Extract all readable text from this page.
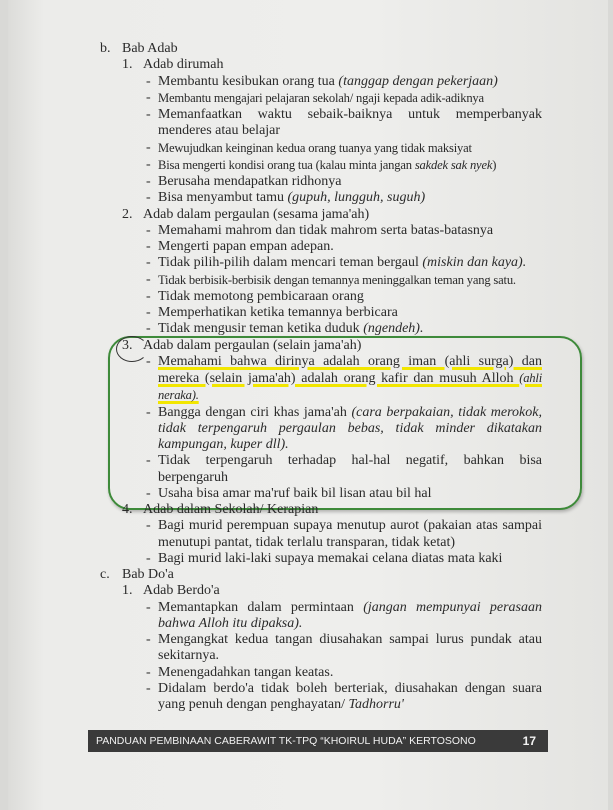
b. Bab Adab
1. Adab dirumah
- Membantu kesibukan orang tua (tanggap dengan pekerjaan)
- Membantu mengajari pelajaran sekolah/ ngaji kepada adik-adiknya
- Memanfaatkan waktu sebaik-baiknya untuk memperbanyak menderes atau belajar
- Mewujudkan keinginan kedua orang tuanya yang tidak maksiyat
- Bisa mengerti kondisi orang tua (kalau minta jangan sakdek sak nyek)
- Berusaha mendapatkan ridhonya
- Bisa menyambut tamu (gupuh, lungguh, suguh)
2. Adab dalam pergaulan (sesama jama'ah)
- Memahami mahrom dan tidak mahrom serta batas-batasnya
- Mengerti papan empan adepan.
- Tidak pilih-pilih dalam mencari teman bergaul (miskin dan kaya).
- Tidak berbisik-berbisik dengan temannya meninggalkan teman yang satu.
- Tidak memotong pembicaraan orang
- Memperhatikan ketika temannya berbicara
- Tidak mengusir teman ketika duduk (ngendeh).
3. Adab dalam pergaulan (selain jama'ah)
- Memahami bahwa dirinya adalah orang iman (ahli surga) dan mereka (selain jama'ah) adalah orang kafir dan musuh Alloh (ahli neraka).
- Bangga dengan ciri khas jama'ah (cara berpakaian, tidak merokok, tidak terpengaruh pergaulan bebas, tidak minder dikatakan kampungan, kuper dll).
- Tidak terpengaruh terhadap hal-hal negatif, bahkan bisa berpengaruh
- Usaha bisa amar ma'ruf baik bil lisan atau bil hal
4. Adab dalam Sekolah/ Kerapian
- Bagi murid perempuan supaya menutup aurot (pakaian atas sampai menutupi pantat, tidak terlalu transparan, tidak ketat)
- Bagi murid laki-laki supaya memakai celana diatas mata kaki
c. Bab Do'a
1. Adab Berdo'a
- Memantapkan dalam permintaan (jangan mempunyai perasaan bahwa Alloh itu dipaksa).
- Mengangkat kedua tangan diusahakan sampai lurus pundak atau sekitarnya.
- Menengadahkan tangan keatas.
- Didalam berdo'a tidak boleh berteriak, diusahakan dengan suara yang penuh dengan penghayatan/ Tadhorru'
PANDUAN PEMBINAAN CABERAWIT TK-TPQ “KHOIRUL HUDA” KERTOSONO	17
